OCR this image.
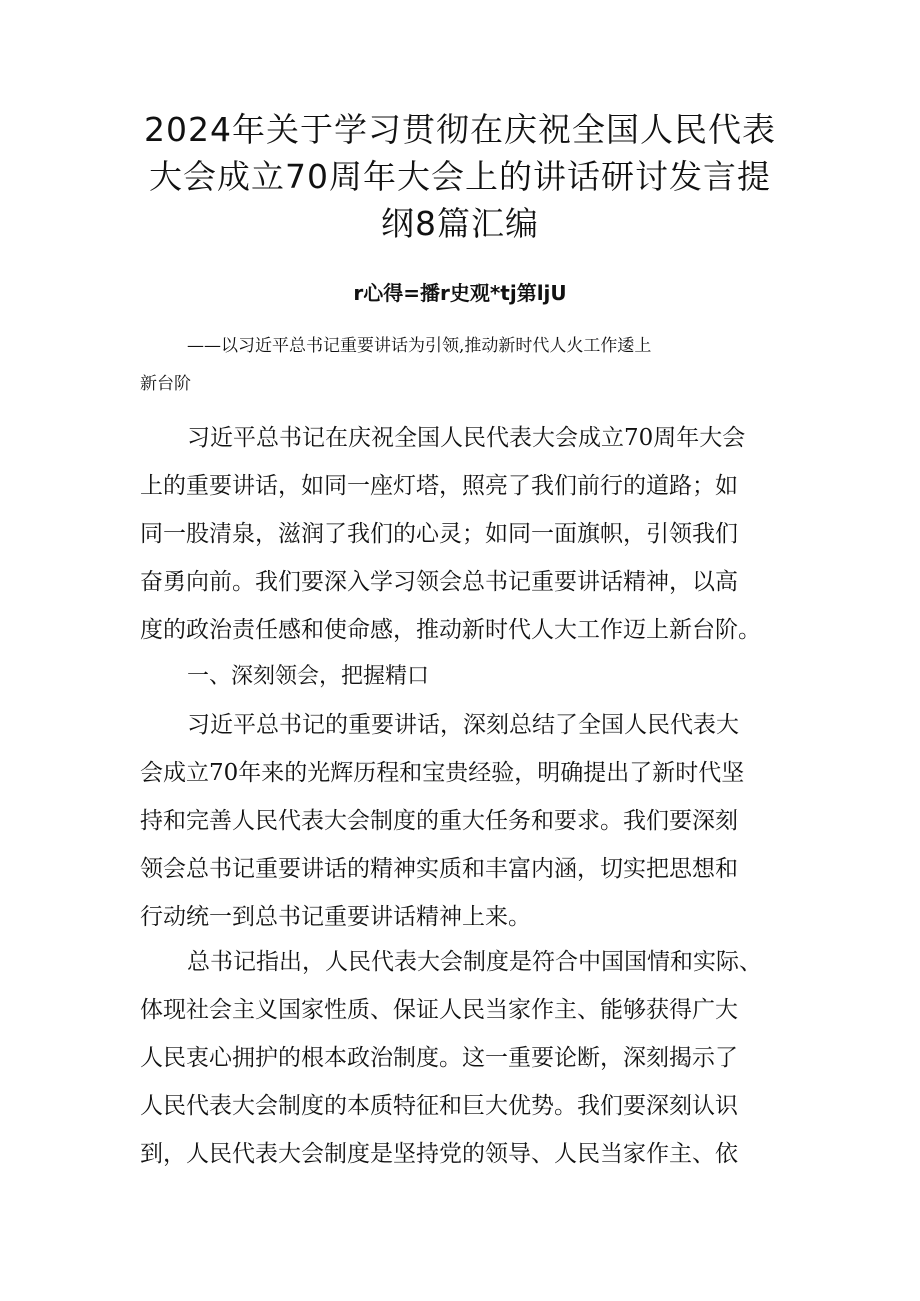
2024年关于学习贯彻在庆祝全国人民代表
大会成立70周年大会上的讲话研讨发言提
纲8篇汇编
r心得=播r史观*tj第ljU
——以习近平总书记重要讲话为引领,推动新时代人火工作逶上
新台阶
习近平总书记在庆祝全国人民代表大会成立70周年大会
上的重要讲话，如同一座灯塔，照亮了我们前行的道路；如
同一股清泉，滋润了我们的心灵；如同一面旗帜，引领我们
奋勇向前。我们要深入学习领会总书记重要讲话精神，以高
度的政治责任感和使命感，推动新时代人大工作迈上新台阶。
一、深刻领会，把握精口
习近平总书记的重要讲话，深刻总结了全国人民代表大
会成立70年来的光辉历程和宝贵经验，明确提出了新时代坚
持和完善人民代表大会制度的重大任务和要求。我们要深刻
领会总书记重要讲话的精神实质和丰富内涵，切实把思想和
行动统一到总书记重要讲话精神上来。
总书记指出，人民代表大会制度是符合中国国情和实际、
体现社会主义国家性质、保证人民当家作主、能够获得广大
人民衷心拥护的根本政治制度。这一重要论断，深刻揭示了
人民代表大会制度的本质特征和巨大优势。我们要深刻认识
到，人民代表大会制度是坚持党的领导、人民当家作主、依
